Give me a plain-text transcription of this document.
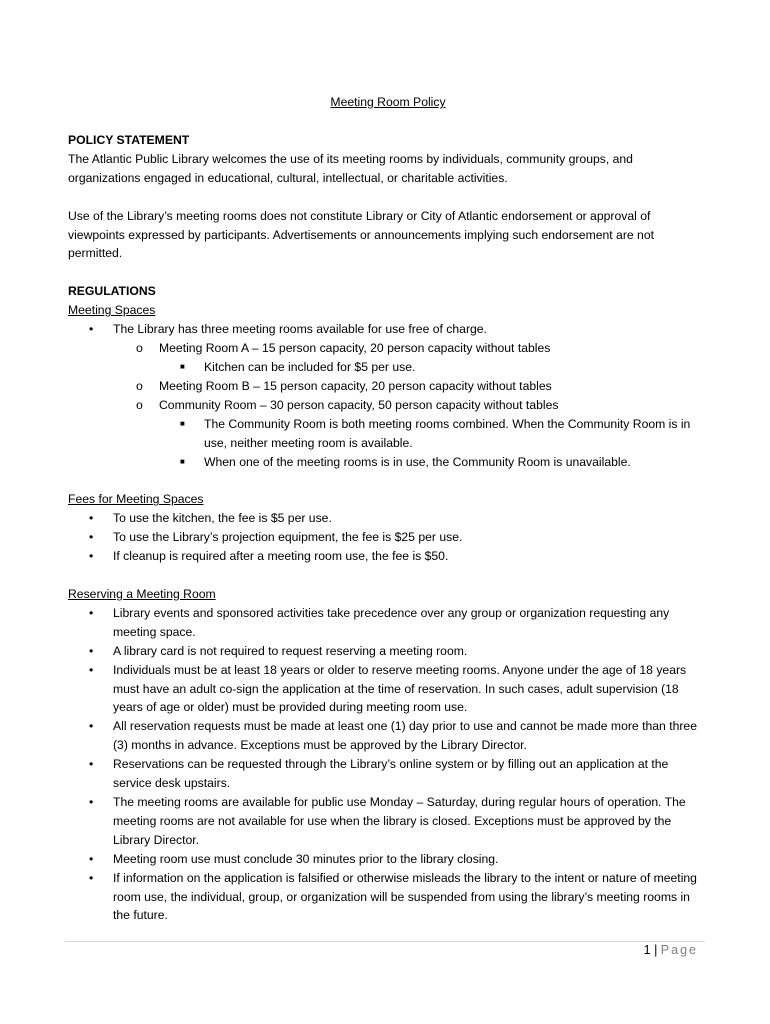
Meeting Room Policy

POLICY STATEMENT

The Atlantic Public Library welcomes the use of its meeting rooms by individuals, community groups, and organizations engaged in educational, cultural, intellectual, or charitable activities.

Use of the Library’s meeting rooms does not constitute Library or City of Atlantic endorsement or approval of viewpoints expressed by participants. Advertisements or announcements implying such endorsement are not permitted.

REGULATIONS

Meeting Spaces

• The Library has three meeting rooms available for use free of charge.
o Meeting Room A – 15 person capacity, 20 person capacity without tables
■ Kitchen can be included for $5 per use.
o Meeting Room B – 15 person capacity, 20 person capacity without tables
o Community Room – 30 person capacity, 50 person capacity without tables
■ The Community Room is both meeting rooms combined. When the Community Room is in use, neither meeting room is available.
■ When one of the meeting rooms is in use, the Community Room is unavailable.

Fees for Meeting Spaces

• To use the kitchen, the fee is $5 per use.
• To use the Library’s projection equipment, the fee is $25 per use.
• If cleanup is required after a meeting room use, the fee is $50.

Reserving a Meeting Room

• Library events and sponsored activities take precedence over any group or organization requesting any meeting space.
• A library card is not required to request reserving a meeting room.
• Individuals must be at least 18 years or older to reserve meeting rooms. Anyone under the age of 18 years must have an adult co-sign the application at the time of reservation. In such cases, adult supervision (18 years of age or older) must be provided during meeting room use.
• All reservation requests must be made at least one (1) day prior to use and cannot be made more than three (3) months in advance. Exceptions must be approved by the Library Director.
• Reservations can be requested through the Library’s online system or by filling out an application at the service desk upstairs.
• The meeting rooms are available for public use Monday – Saturday, during regular hours of operation. The meeting rooms are not available for use when the library is closed. Exceptions must be approved by the Library Director.
• Meeting room use must conclude 30 minutes prior to the library closing.
• If information on the application is falsified or otherwise misleads the library to the intent or nature of meeting room use, the individual, group, or organization will be suspended from using the library’s meeting rooms in the future.
1 | Page
